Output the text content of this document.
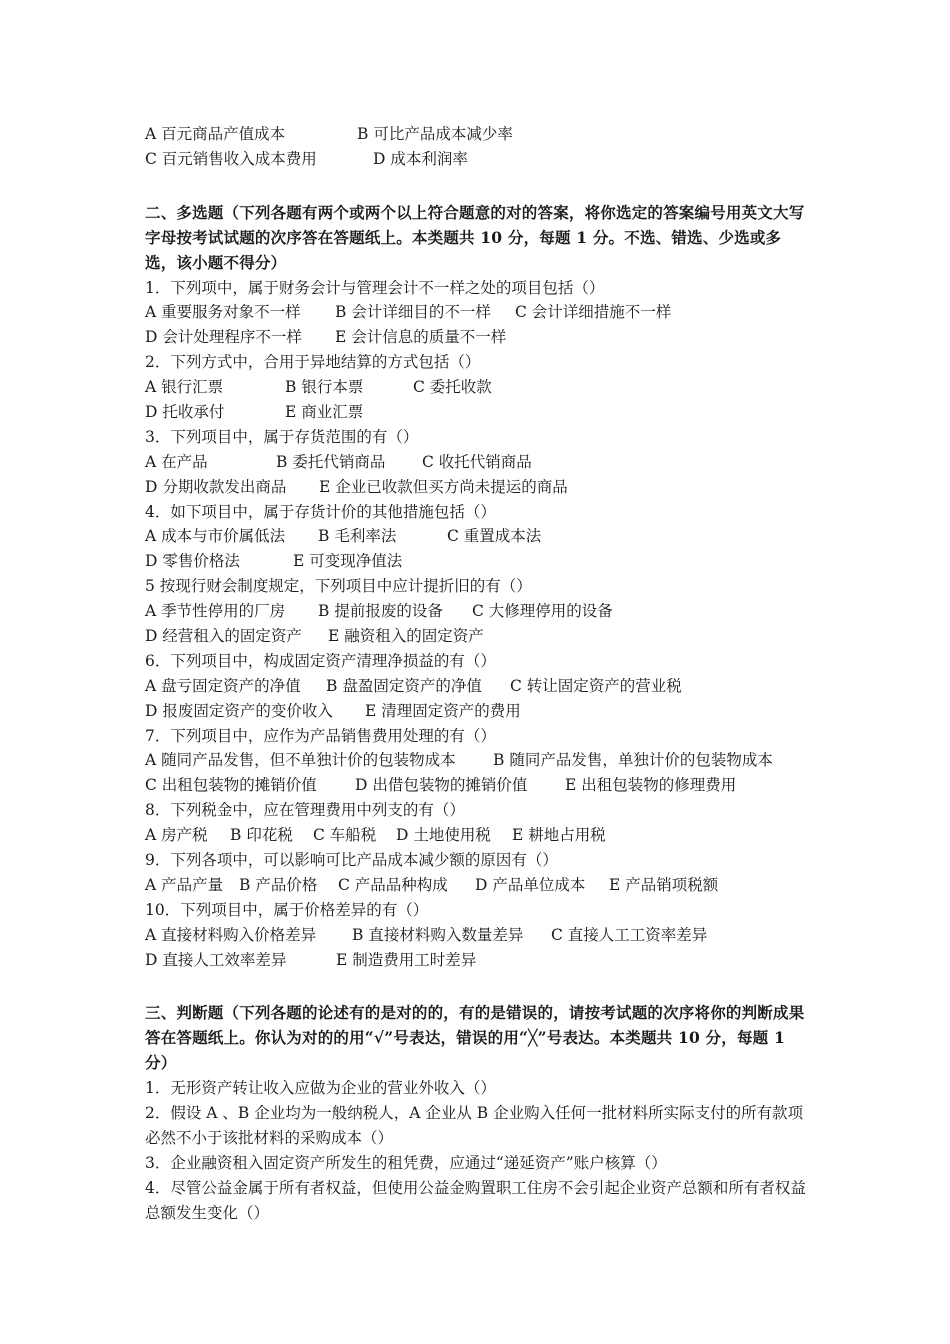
A 百元商品产值成本	B 可比产品成本减少率
C 百元销售收入成本费用	D 成本利润率
二、多选题（下列各题有两个或两个以上符合题意的对的答案，将你选定的答案编号用英文大写字母按考试试题的次序答在答题纸上。本类题共 10 分，每题 1 分。不选、错选、少选或多选，该小题不得分）
1．下列项中，属于财务会计与管理会计不一样之处的项目包括（）
A 重要服务对象不一样 B 会计详细目的不一样 C 会计详细措施不一样
D 会计处理程序不一样 E 会计信息的质量不一样
2．下列方式中，合用于异地结算的方式包括（）
A 银行汇票	B 银行本票	C 委托收款
D 托收承付	E 商业汇票
3．下列项目中，属于存货范围的有（）
A 在产品	B 委托代销商品 C 收托代销商品
D 分期收款发出商品 E 企业已收款但买方尚未提运的商品
4．如下项目中，属于存货计价的其他措施包括（）
A 成本与市价属低法 B 毛利率法	C 重置成本法
D 零售价格法	E 可变现净值法
5 按现行财会制度规定，下列项目中应计提折旧的有（）
A 季节性停用的厂房 B 提前报废的设备 C 大修理停用的设备
D 经营租入的固定资产 E 融资租入的固定资产
6．下列项目中，构成固定资产清理净损益的有（）
A 盘亏固定资产的净值 B 盘盈固定资产的净值 C 转让固定资产的营业税
D 报废固定资产的变价收入 E 清理固定资产的费用
7．下列项目中，应作为产品销售费用处理的有（）
A 随同产品发售，但不单独计价的包装物成本 B 随同产品发售，单独计价的包装物成本
C 出租包装物的摊销价值 D 出借包装物的摊销价值 E 出租包装物的修理费用
8．下列税金中，应在管理费用中列支的有（）
A 房产税 B 印花税 C 车船税 D 土地使用税 E 耕地占用税
9．下列各项中，可以影响可比产品成本减少额的原因有（）
A 产品产量 B 产品价格 C 产品品种构成 D 产品单位成本 E 产品销项税额
10．下列项目中，属于价格差异的有（）
A 直接材料购入价格差异 B 直接材料购入数量差异 C 直接人工工资率差异
D 直接人工效率差异	E 制造费用工时差异
三、判断题（下列各题的论述有的是对的的，有的是错误的，请按考试题的次序将你的判断成果答在答题纸上。你认为对的的用“√”号表达，错误的用“╳”号表达。本类题共 10 分，每题 1 分）
1．无形资产转让收入应做为企业的营业外收入（）
2．假设 A 、B 企业均为一般纳税人，A 企业从 B 企业购入任何一批材料所实际支付的所有款项必然不小于该批材料的采购成本（）
3．企业融资租入固定资产所发生的租凭费，应通过“递延资产”账户核算（）
4．尽管公益金属于所有者权益，但使用公益金购置职工住房不会引起企业资产总额和所有者权益总额发生变化（）
